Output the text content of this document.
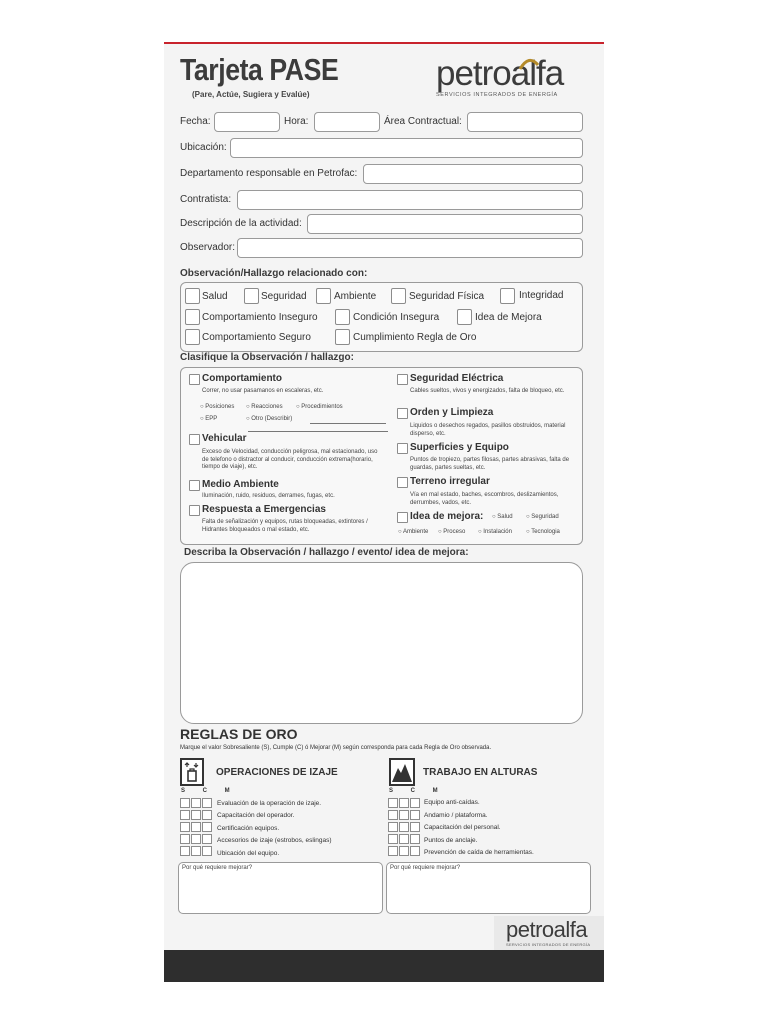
Tarjeta PASE
(Pare, Actúe, Sugiera y Evalúe)
petroalfa
SERVICIOS INTEGRADOS DE ENERGÍA
Fecha:	Hora:	Área Contractual:
Ubicación:
Departamento responsable en Petrofac:
Contratista:
Descripción de la actividad:
Observador:
Observación/Hallazgo relacionado con:
Salud	Seguridad	Ambiente	Seguridad Física	Integridad
Comportamiento Inseguro	Condición Insegura	Idea de Mejora
Comportamiento Seguro	Cumplimiento Regla de Oro
Clasifique la Observación / hallazgo:
Comportamiento
Correr, no usar pasamanos en escaleras, etc.
○ Posiciones ○ Reacciones ○ Procedimientos
○ EPP	○ Otro (Describir)
Vehicular
Exceso de Velocidad, conducción peligrosa, mal estacionado, uso de telefono o distractor al conducir, conducción extrema(horario, tiempo de viaje), etc.
Medio Ambiente
Iluminación, ruido, residuos, derrames, fugas, etc.
Respuesta a Emergencias
Falta de señalización y equipos, rutas bloqueadas, extintores / Hidrantes bloqueados o mal estado, etc.
Seguridad Eléctrica
Cables sueltos, vivos y energizados, falta de bloqueo, etc.
Orden y Limpieza
Liquidos o desechos regados, pasillos obstruidos, material disperso, etc.
Superficies y Equipo
Puntos de tropiezo, partes filosas, partes abrasivas, falta de guardas, partes sueltas, etc.
Terreno irregular
Vía en mal estado, baches, escombros, deslizamientos, derrumbes, vados, etc.
Idea de mejora: ○ Salud ○ Seguridad
○ Ambiente ○ Proceso ○ Instalación ○ Tecnologia
Describa la Observación / hallazgo / evento/ idea de mejora:
REGLAS DE ORO
Marque el valor Sobresaliente (S), Cumple (C) ó Mejorar (M) según corresponda para cada Regla de Oro observada.
OPERACIONES DE IZAJE
S C M
Evaluación de la operación de izaje.
Capacitación del operador.
Certificación equipos.
Accesorios de izaje (estrobos, eslingas)
Ubicación del equipo.
TRABAJO EN ALTURAS
S C M
Equipo anti-caídas.
Andamio / plataforma.
Capacitación del personal.
Puntos de anclaje.
Prevención de caída de herramientas.
Por qué requiere mejorar?	Por qué requiere mejorar?
petroalfa
SERVICIOS INTEGRADOS DE ENERGÍA
